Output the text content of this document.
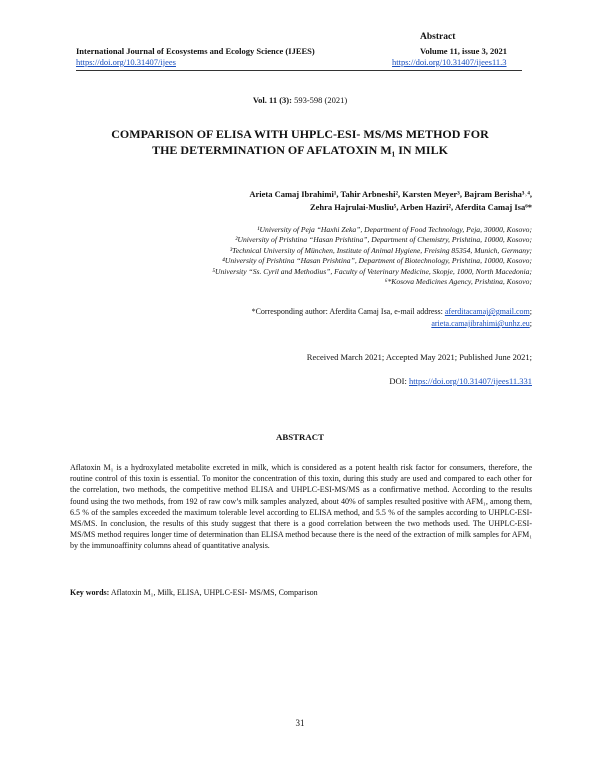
Abstract
International Journal of Ecosystems and Ecology Science (IJEES)	Volume 11, issue 3, 2021
https://doi.org/10.31407/ijees	https://doi.org/10.31407/ijees11.3
Vol. 11 (3): 593-598 (2021)
COMPARISON OF ELISA WITH UHPLC-ESI- MS/MS METHOD FOR
THE DETERMINATION OF AFLATOXIN M₁ IN MILK
Arieta Camaj Ibrahimi¹, Tahir Arbneshi², Karsten Meyer³, Bajram Berisha³˒⁴,
Zehra Hajrulai-Musliu⁵, Arben Haziri², Aferdita Camaj Isa⁶*
¹University of Peja “Haxhi Zeka”, Department of Food Technology, Peja, 30000, Kosovo;
²University of Prishtina “Hasan Prishtina”, Department of Chemistry, Prishtina, 10000, Kosovo;
³Technical University of München, Institute of Animal Hygiene, Freising 85354, Munich, Germany;
⁴University of Prishtina “Hasan Prishtina”, Department of Biotechnology, Prishtina, 10000, Kosovo;
⁵University “Ss. Cyril and Methodius”, Faculty of Veterinary Medicine, Skopje, 1000, North Macedonia;
⁶*Kosova Medicines Agency, Prishtina, Kosovo;
*Corresponding author: Aferdita Camaj Isa, e-mail address: aferditacamaj@gmail.com;
arieta.camajibrahimi@unhz.eu;
Received March 2021; Accepted May 2021; Published June 2021;
DOI: https://doi.org/10.31407/ijees11.331
ABSTRACT
Aflatoxin M₁ is a hydroxylated metabolite excreted in milk, which is considered as a potent health risk factor for consumers, therefore, the routine control of this toxin is essential. To monitor the concentration of this toxin, during this study are used and compared to each other for the correlation, two methods, the competitive method ELISA and UHPLC-ESI-MS/MS as a confirmative method. According to the results found using the two methods, from 192 of raw cow’s milk samples analyzed, about 40% of samples resulted positive with AFM₁, among them, 6.5 % of the samples exceeded the maximum tolerable level according to ELISA method, and 5.5 % of the samples according to UHPLC-ESI-MS/MS. In conclusion, the results of this study suggest that there is a good correlation between the two methods used. The UHPLC-ESI-MS/MS method requires longer time of determination than ELISA method because there is the need of the extraction of milk samples for AFM₁ by the immunoaffinity columns ahead of quantitative analysis.
Key words: Aflatoxin M₁, Milk, ELISA, UHPLC-ESI- MS/MS, Comparison
31
